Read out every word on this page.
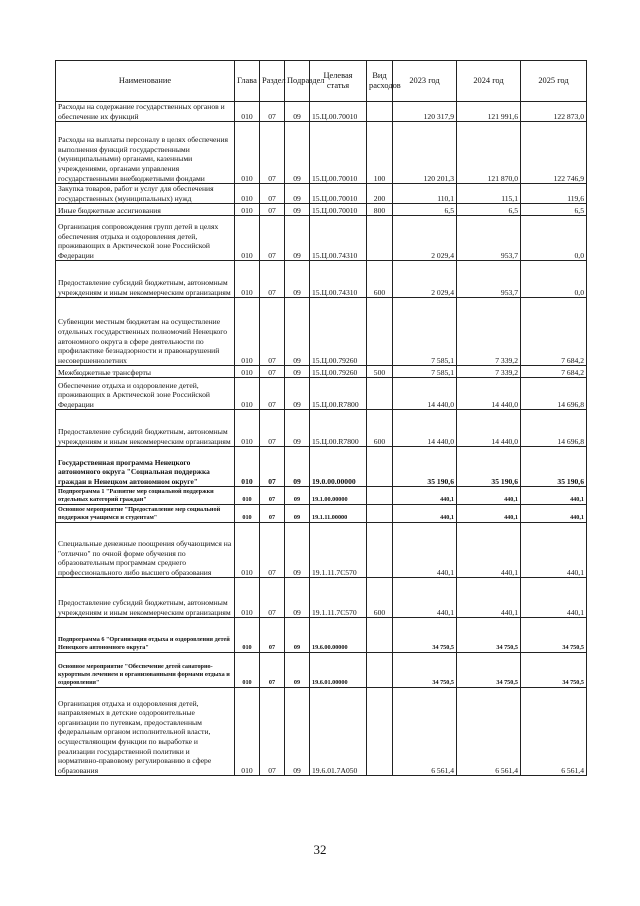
Наименование	Глава	Раздел	Подраздел	Целевая статья	Вид расходов	2023 год	2024 год	2025 год
Расходы на содержание государственных органов и обеспечение их функций	010	07	09	15.Ц.00.70010		120 317,9	121 991,6	122 873,0
Расходы на выплаты персоналу в целях обеспечения выполнения функций государственными (муниципальными) органами, казенными учреждениями, органами управления государственными внебюджетными фондами	010	07	09	15.Ц.00.70010	100	120 201,3	121 870,0	122 746,9
Закупка товаров, работ и услуг для обеспечения государственных (муниципальных) нужд	010	07	09	15.Ц.00.70010	200	110,1	115,1	119,6
Иные бюджетные ассигнования	010	07	09	15.Ц.00.70010	800	6,5	6,5	6,5
Организация сопровождения групп детей в целях обеспечения отдыха и оздоровления детей, проживающих в Арктической зоне Российской Федерации	010	07	09	15.Ц.00.74310		2 029,4	953,7	0,0
Предоставление субсидий бюджетным, автономным учреждениям и иным некоммерческим организациям	010	07	09	15.Ц.00.74310	600	2 029,4	953,7	0,0
Субвенции местным бюджетам на осуществление отдельных государственных полномочий Ненецкого автономного округа в сфере деятельности по профилактике безнадзорности и правонарушений несовершеннолетних	010	07	09	15.Ц.00.79260		7 585,1	7 339,2	7 684,2
Межбюджетные трансферты	010	07	09	15.Ц.00.79260	500	7 585,1	7 339,2	7 684,2
Обеспечение отдыха и оздоровление детей, проживающих в Арктической зоне Российской Федерации	010	07	09	15.Ц.00.R7800		14 440,0	14 440,0	14 696,8
Предоставление субсидий бюджетным, автономным учреждениям и иным некоммерческим организациям	010	07	09	15.Ц.00.R7800	600	14 440,0	14 440,0	14 696,8
Государственная программа Ненецкого автономного округа "Социальная поддержка граждан в Ненецком автономном округе"	010	07	09	19.0.00.00000		35 190,6	35 190,6	35 190,6
Подпрограмма 1 "Развитие мер социальной поддержки отдельных категорий граждан"	010	07	09	19.1.00.00000		440,1	440,1	440,1
Основное мероприятие "Предоставление мер социальной поддержки учащимся и студентам"	010	07	09	19.1.11.00000		440,1	440,1	440,1
Специальные денежные поощрения обучающимся на "отлично" по очной форме обучения по образовательным программам среднего профессионального либо высшего образования	010	07	09	19.1.11.7С570		440,1	440,1	440,1
Предоставление субсидий бюджетным, автономным учреждениям и иным некоммерческим организациям	010	07	09	19.1.11.7С570	600	440,1	440,1	440,1
Подпрограмма 6 "Организация отдыха и оздоровления детей Ненецкого автономного округа"	010	07	09	19.6.00.00000		34 750,5	34 750,5	34 750,5
Основное мероприятие "Обеспечение детей санаторно-курортным лечением и организованными формами отдыха и оздоровления"	010	07	09	19.6.01.00000		34 750,5	34 750,5	34 750,5
Организация отдыха и оздоровления детей, направляемых в детские оздоровительные организации по путевкам, предоставленным федеральным органом исполнительной власти, осуществляющим функции по выработке и реализации государственной политики и нормативно-правовому регулированию в сфере образования	010	07	09	19.6.01.7А050		6 561,4	6 561,4	6 561,4
32
